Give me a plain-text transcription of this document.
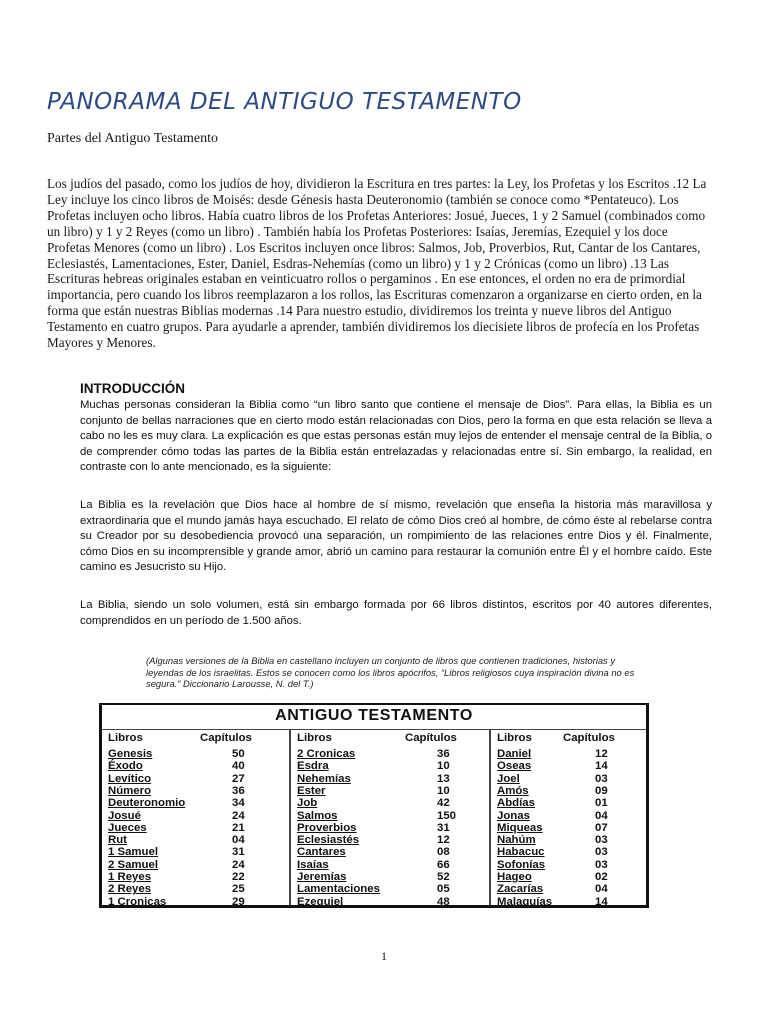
PANORAMA DEL ANTIGUO TESTAMENTO
Partes del Antiguo Testamento

Los judíos del pasado, como los judíos de hoy, dividieron la Escritura en tres partes: la Ley, los Profetas y los Escritos .12 La Ley incluye los cinco libros de Moisés: desde Génesis hasta Deuteronomio (también se conoce como *Pentateuco). Los Profetas incluyen ocho libros. Había cuatro libros de los Profetas Anteriores: Josué, Jueces, 1 y 2 Samuel (combinados como un libro) y 1 y 2 Reyes (como un libro) . También había los Profetas Posteriores: Isaías, Jeremías, Ezequiel y los doce Profetas Menores (como un libro) . Los Escritos incluyen once libros: Salmos, Job, Proverbios, Rut, Cantar de los Cantares, Eclesiastés, Lamentaciones, Ester, Daniel, Esdras-Nehemías (como un libro) y 1 y 2 Crónicas (como un libro) .13 Las Escrituras hebreas originales estaban en veinticuatro rollos o pergaminos . En ese entonces, el orden no era de primordial importancia, pero cuando los libros reemplazaron a los rollos, las Escrituras comenzaron a organizarse en cierto orden, en la forma que están nuestras Biblias modernas .14 Para nuestro estudio, dividiremos los treinta y nueve libros del Antiguo Testamento en cuatro grupos. Para ayudarle a aprender, también dividiremos los diecisiete libros de profecía en los Profetas Mayores y Menores.

INTRODUCCIÓN

Muchas personas consideran la Biblia como “un libro santo que contiene el mensaje de Dios”. Para ellas, la Biblia es un conjunto de bellas narraciones que en cierto modo están relacionadas con Dios, pero la forma en que esta relación se lleva a cabo no les es muy clara. La explicación es que estas personas están muy lejos de entender el mensaje central de la Biblia, o de comprender cómo todas las partes de la Biblia están entrelazadas y relacionadas entre sí. Sin embargo, la realidad, en contraste con lo ante mencionado, es la siguiente:

La Biblia es la revelación que Dios hace al hombre de sí mismo, revelación que enseña la historia más maravillosa y extraordinaria que el mundo jamás haya escuchado. El relato de cómo Dios creó al hombre, de cómo éste al rebelarse contra su Creador por su desobediencia provocó una separación, un rompimiento de las relaciones entre Dios y él. Finalmente, cómo Dios en su incomprensible y grande amor, abrió un camino para restaurar la comunión entre Él y el hombre caído. Este camino es Jesucristo su Hijo.

La Biblia, siendo un solo volumen, está sin embargo formada por 66 libros distintos, escritos por 40 autores diferentes, comprendidos en un período de 1.500 años.

(Algunas versiones de la Biblia en castellano incluyen un conjunto de libros que contienen tradiciones, historias y leyendas de los israelitas. Estos se conocen como los libros apócrifos, “Libros religiosos cuya inspiración divina no es segura.” Diccionario Larousse, N. del T.)
ANTIGUO TESTAMENTO
Libros	Capítulos
Genesis	50
Éxodo	40
Levítico	27
Número	36
Deuteronomio	34
Josué	24
Jueces	21
Rut	04
1 Samuel	31
2 Samuel	24
1 Reyes	22
2 Reyes	25
1 Cronicas	29
Libros	Capítulos
2 Cronicas	36
Esdra	10
Nehemías	13
Ester	10
Job	42
Salmos	150
Proverbios	31
Eclesiastés	12
Cantares	08
Isaías	66
Jeremías	52
Lamentaciones	05
Ezequiel	48
Libros	Capítulos
Daniel	12
Oseas	14
Joel	03
Amós	09
Abdías	01
Jonas	04
Miqueas	07
Nahúm	03
Habacuc	03
Sofonías	03
Hageo	02
Zacarías	04
Malaquías	14
1
